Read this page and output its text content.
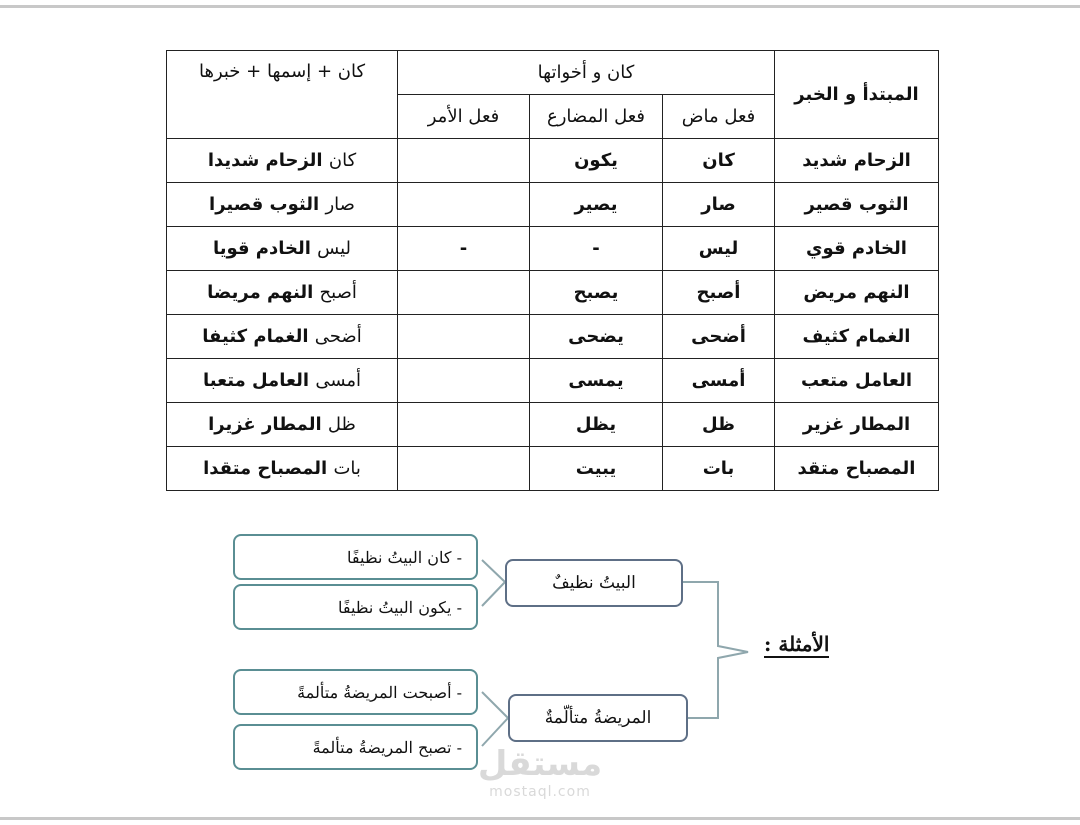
المبتدأ و الخبر	كان و أخواتها			كان + إسمها + خبرها
	فعل ماض	فعل المضارع	فعل الأمر	
الزحام شديد	كان	يكون		كان الزحام شديدا
الثوب قصير	صار	يصير		صار الثوب قصيرا
الخادم قوي	ليس	-	-	ليس الخادم قويا
النهم مريض	أصبح	يصبح		أصبح النهم مريضا
الغمام كثيف	أضحى	يضحى		أضحى الغمام كثيفا
العامل متعب	أمسى	يمسى		أمسى العامل متعبا
المطار غزير	ظل	يظل		ظل المطار غزيرا
المصباح متقد	بات	يبيت		بات المصباح متقدا
- كان البيتُ نظيفًا
- يكون البيتُ نظيفًا
- أصبحت المريضةُ متألمةً
- تصبح المريضةُ متألمةً
البيتُ نظيفٌ
المريضةُ متألّمةٌ
الأمثلة :
مستقل
mostaql.com
